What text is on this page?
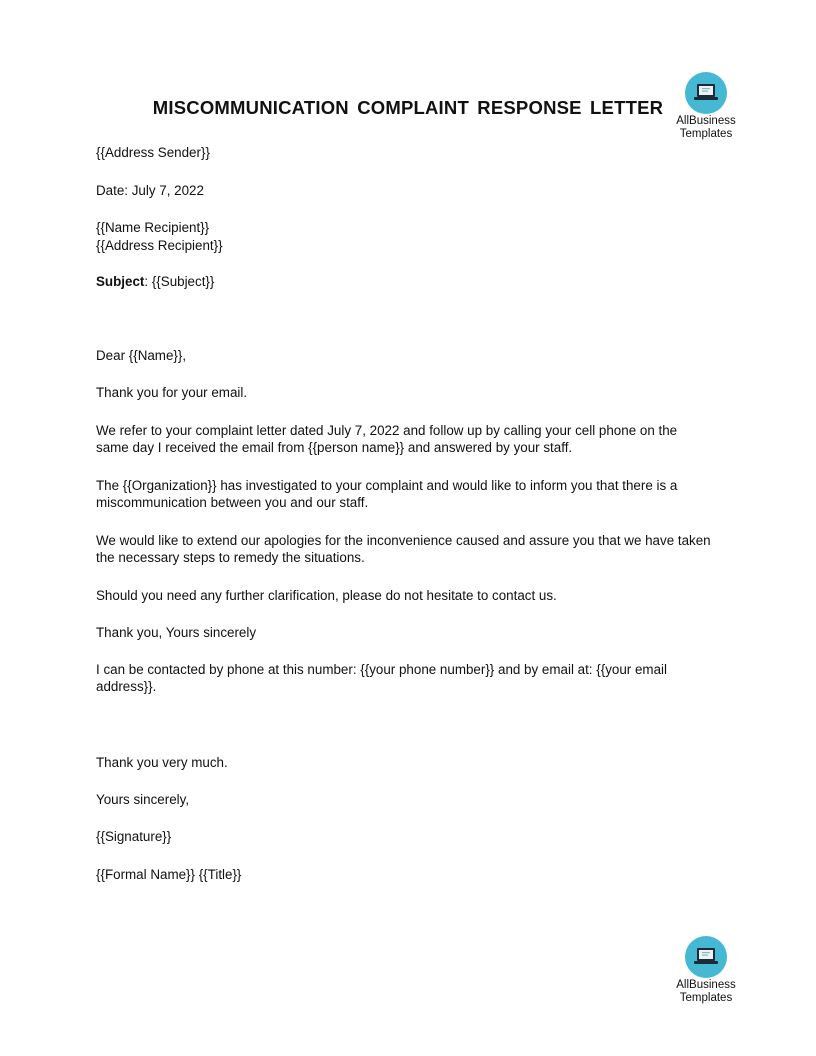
AllBusiness
Templates
MISCOMMUNICATION COMPLAINT RESPONSE LETTER
{{Address Sender}}
Date: July 7, 2022
{{Name Recipient}}
{{Address Recipient}}
Subject: {{Subject}}
Dear {{Name}},
Thank you for your email.
We refer to your complaint letter dated July 7, 2022 and follow up by calling your cell phone on the
same day I received the email from {{person name}} and answered by your staff.
The {{Organization}} has investigated to your complaint and would like to inform you that there is a
miscommunication between you and our staff.
We would like to extend our apologies for the inconvenience caused and assure you that we have taken
the necessary steps to remedy the situations.
Should you need any further clarification, please do not hesitate to contact us.
Thank you, Yours sincerely
I can be contacted by phone at this number: {{your phone number}} and by email at: {{your email
address}}.
Thank you very much.
Yours sincerely,
{{Signature}}
{{Formal Name}} {{Title}}
AllBusiness
Templates
